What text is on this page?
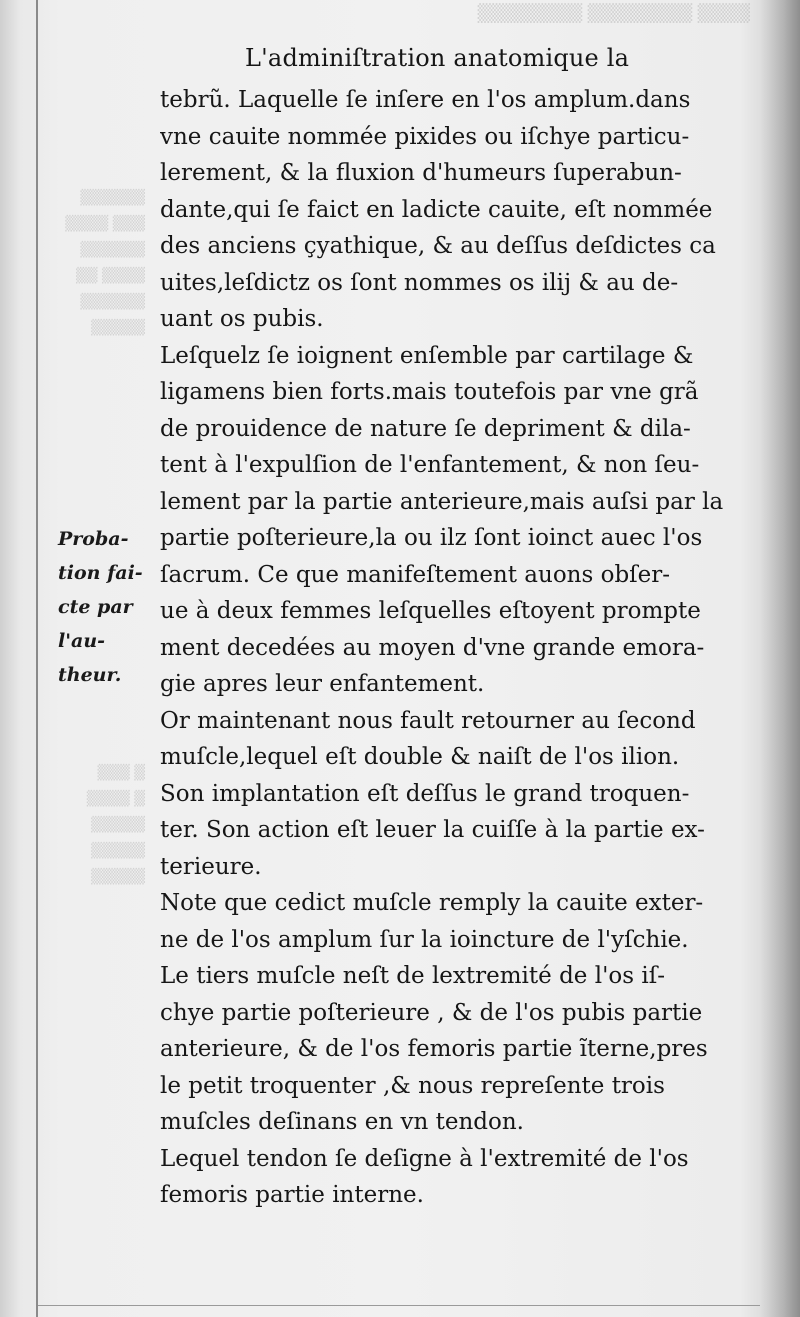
▒▒▒▒ ▒▒▒▒▒▒▒▒ ▒▒▒▒▒▒▒▒
▒▒▒▒▒▒
▒▒▒ ▒▒▒▒
▒▒▒▒▒▒
▒▒▒▒ ▒▒
▒▒▒▒▒▒
▒▒▒▒▒
▒ ▒▒▒
▒ ▒▒▒▒
▒▒▒▒▒
▒▒▒▒▒
▒▒▒▒▒
L'adminiſtration anatomique la
tebrũ. Laquelle ſe inſere en l'os amplum.dans
vne cauite nommée pixides ou iſchye particu-
lerement, & la fluxion d'humeurs ſuperabun-
dante,qui ſe faict en ladicte cauite, eſt nommée
des anciens çyathique, & au deſſus deſdictes ca
uites,leſdictz os ſont nommes os ilij & au de-
uant os pubis.
Leſquelz ſe ioignent enſemble par cartilage &
ligamens bien forts.mais toutefois par vne grã
de prouidence de nature ſe depriment & dila-
tent à l'expulſion de l'enfantement, & non ſeu-
lement par la partie anterieure,mais auſsi par la
partie poſterieure,la ou ilz ſont ioinct auec l'os
ſacrum. Ce que manifeſtement auons obſer-
ue à deux femmes leſquelles eſtoyent prompte
ment decedées au moyen d'vne grande emora-
gie apres leur enfantement.
Or maintenant nous fault retourner au ſecond
muſcle,lequel eſt double & naiſt de l'os ilion.
Son implantation eſt deſſus le grand troquen-
ter. Son action eſt leuer la cuiſſe à la partie ex-
terieure.
Note que cedict muſcle remply la cauite exter-
ne de l'os amplum ſur la ioincture de l'yſchie.
Le tiers muſcle neſt de lextremité de l'os iſ-
chye partie poſterieure , & de l'os pubis partie
anterieure, & de l'os femoris partie ĩterne,pres
le petit troquenter ,& nous repreſente trois
muſcles deſinans en vn tendon.
Lequel tendon ſe deſigne à l'extremité de l'os
femoris partie interne.
Proba-
tion fai-
cte par
l'au-
theur.
